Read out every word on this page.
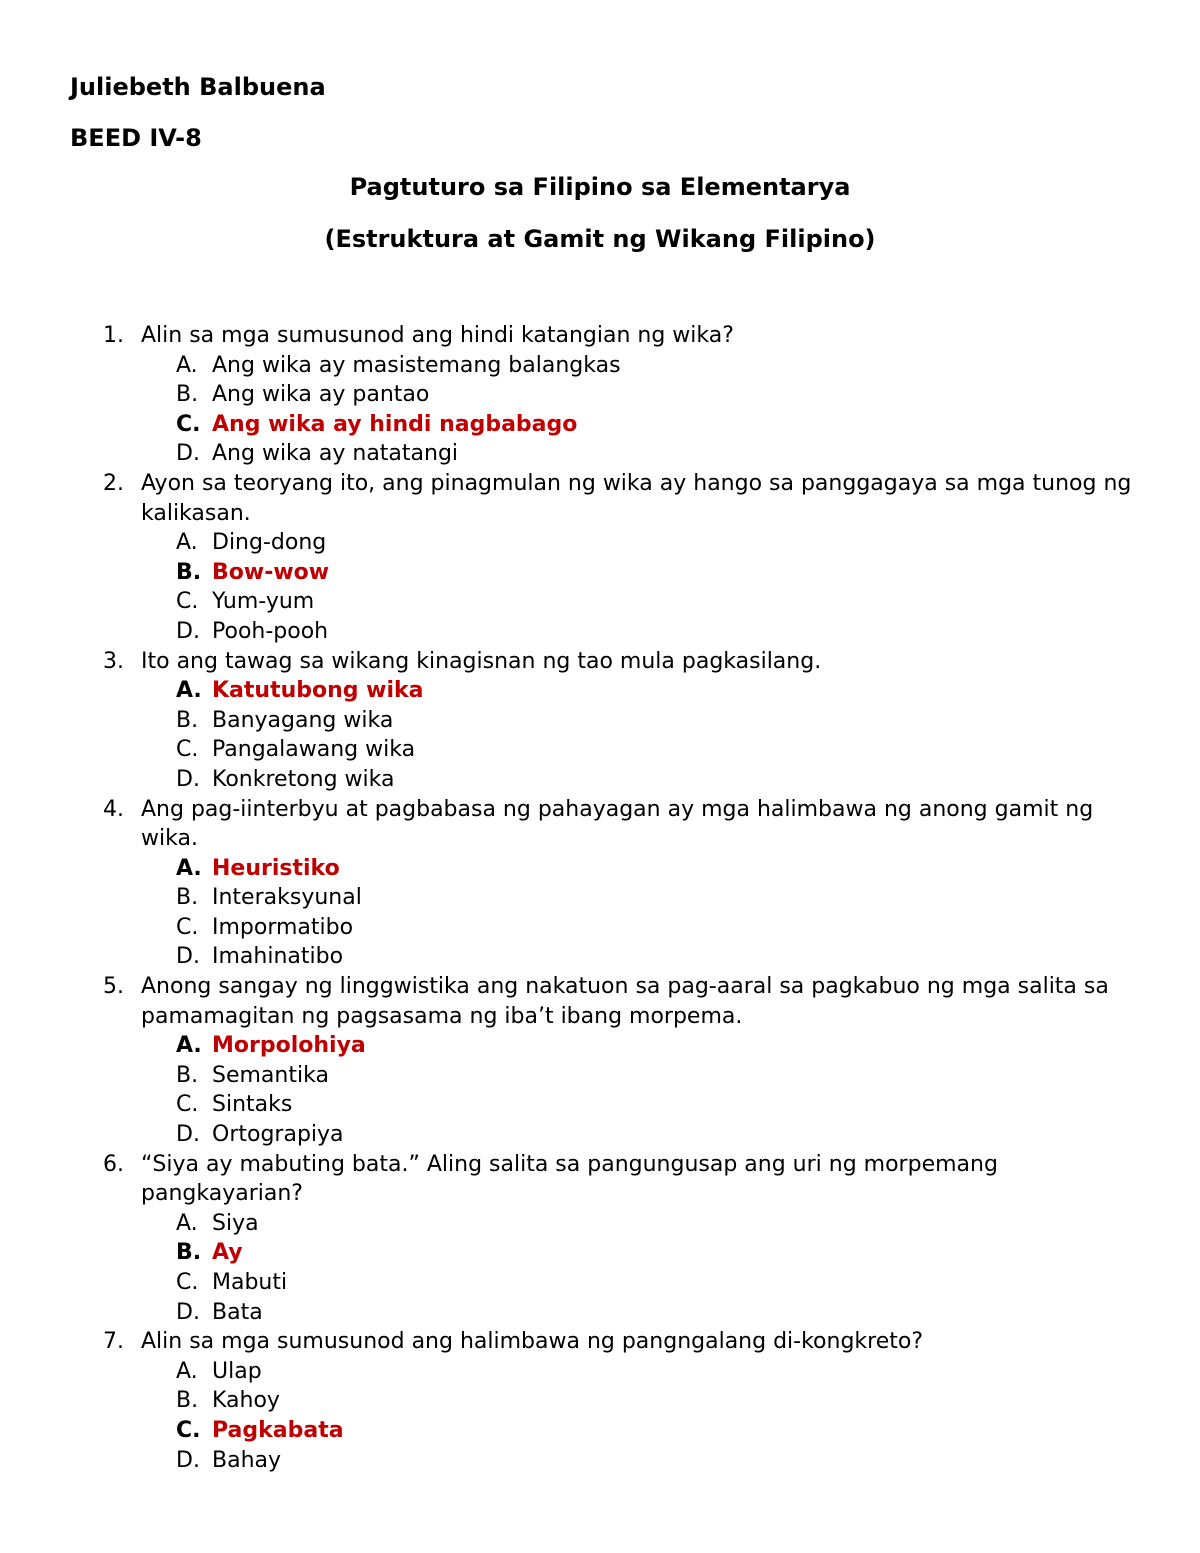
Juliebeth Balbuena

BEED IV-8

Pagtuturo sa Filipino sa Elementarya

(Estruktura at Gamit ng Wikang Filipino)

1. Alin sa mga sumusunod ang hindi katangian ng wika?
A. Ang wika ay masistemang balangkas
B. Ang wika ay pantao
C. Ang wika ay hindi nagbabago
D. Ang wika ay natatangi
2. Ayon sa teoryang ito, ang pinagmulan ng wika ay hango sa panggagaya sa mga tunog ng kalikasan.
A. Ding-dong
B. Bow-wow
C. Yum-yum
D. Pooh-pooh
3. Ito ang tawag sa wikang kinagisnan ng tao mula pagkasilang.
A. Katutubong wika
B. Banyagang wika
C. Pangalawang wika
D. Konkretong wika
4. Ang pag-iinterbyu at pagbabasa ng pahayagan ay mga halimbawa ng anong gamit ng wika.
A. Heuristiko
B. Interaksyunal
C. Impormatibo
D. Imahinatibo
5. Anong sangay ng linggwistika ang nakatuon sa pag-aaral sa pagkabuo ng mga salita sa pamamagitan ng pagsasama ng iba’t ibang morpema.
A. Morpolohiya
B. Semantika
C. Sintaks
D. Ortograpiya
6. “Siya ay mabuting bata.” Aling salita sa pangungusap ang uri ng morpemang pangkayarian?
A. Siya
B. Ay
C. Mabuti
D. Bata
7. Alin sa mga sumusunod ang halimbawa ng pangngalang di-kongkreto?
A. Ulap
B. Kahoy
C. Pagkabata
D. Bahay
